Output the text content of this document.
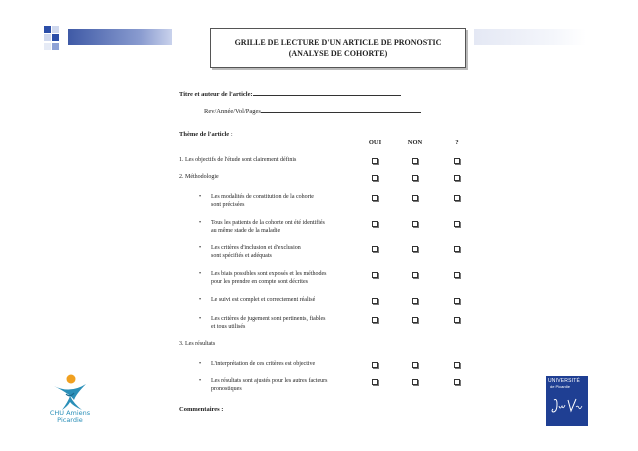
GRILLE DE LECTURE D'UN ARTICLE DE PRONOSTIC
(ANALYSE DE COHORTE)
Titre et auteur de l'article:
Rev/Année/Vol/Pages
Thème de l'article :
OUI	NON	?
1. Les objectifs de l'étude sont clairement définis
2. Méthodologie
• Les modalités de constitution de la cohorte
sont précisées
• Tous les patients de la cohorte ont été identifiés
au même stade de la maladie
• Les critères d'inclusion et d'exclusion
sont spécifiés et adéquats
• Les biais possibles sont exposés et les méthodes
pour les prendre en compte sont décrites
• Le suivi est complet et correctement réalisé
• Les critères de jugement sont pertinents, fiables
et tous utilisés
3. Les résultats
• L'interprétation de ces critères est objective
• Les résultats sont ajustés pour les autres facteurs
pronostiques
Commentaires :
CHU Amiens
Picardie
UNIVERSITÉ
de Picardie
